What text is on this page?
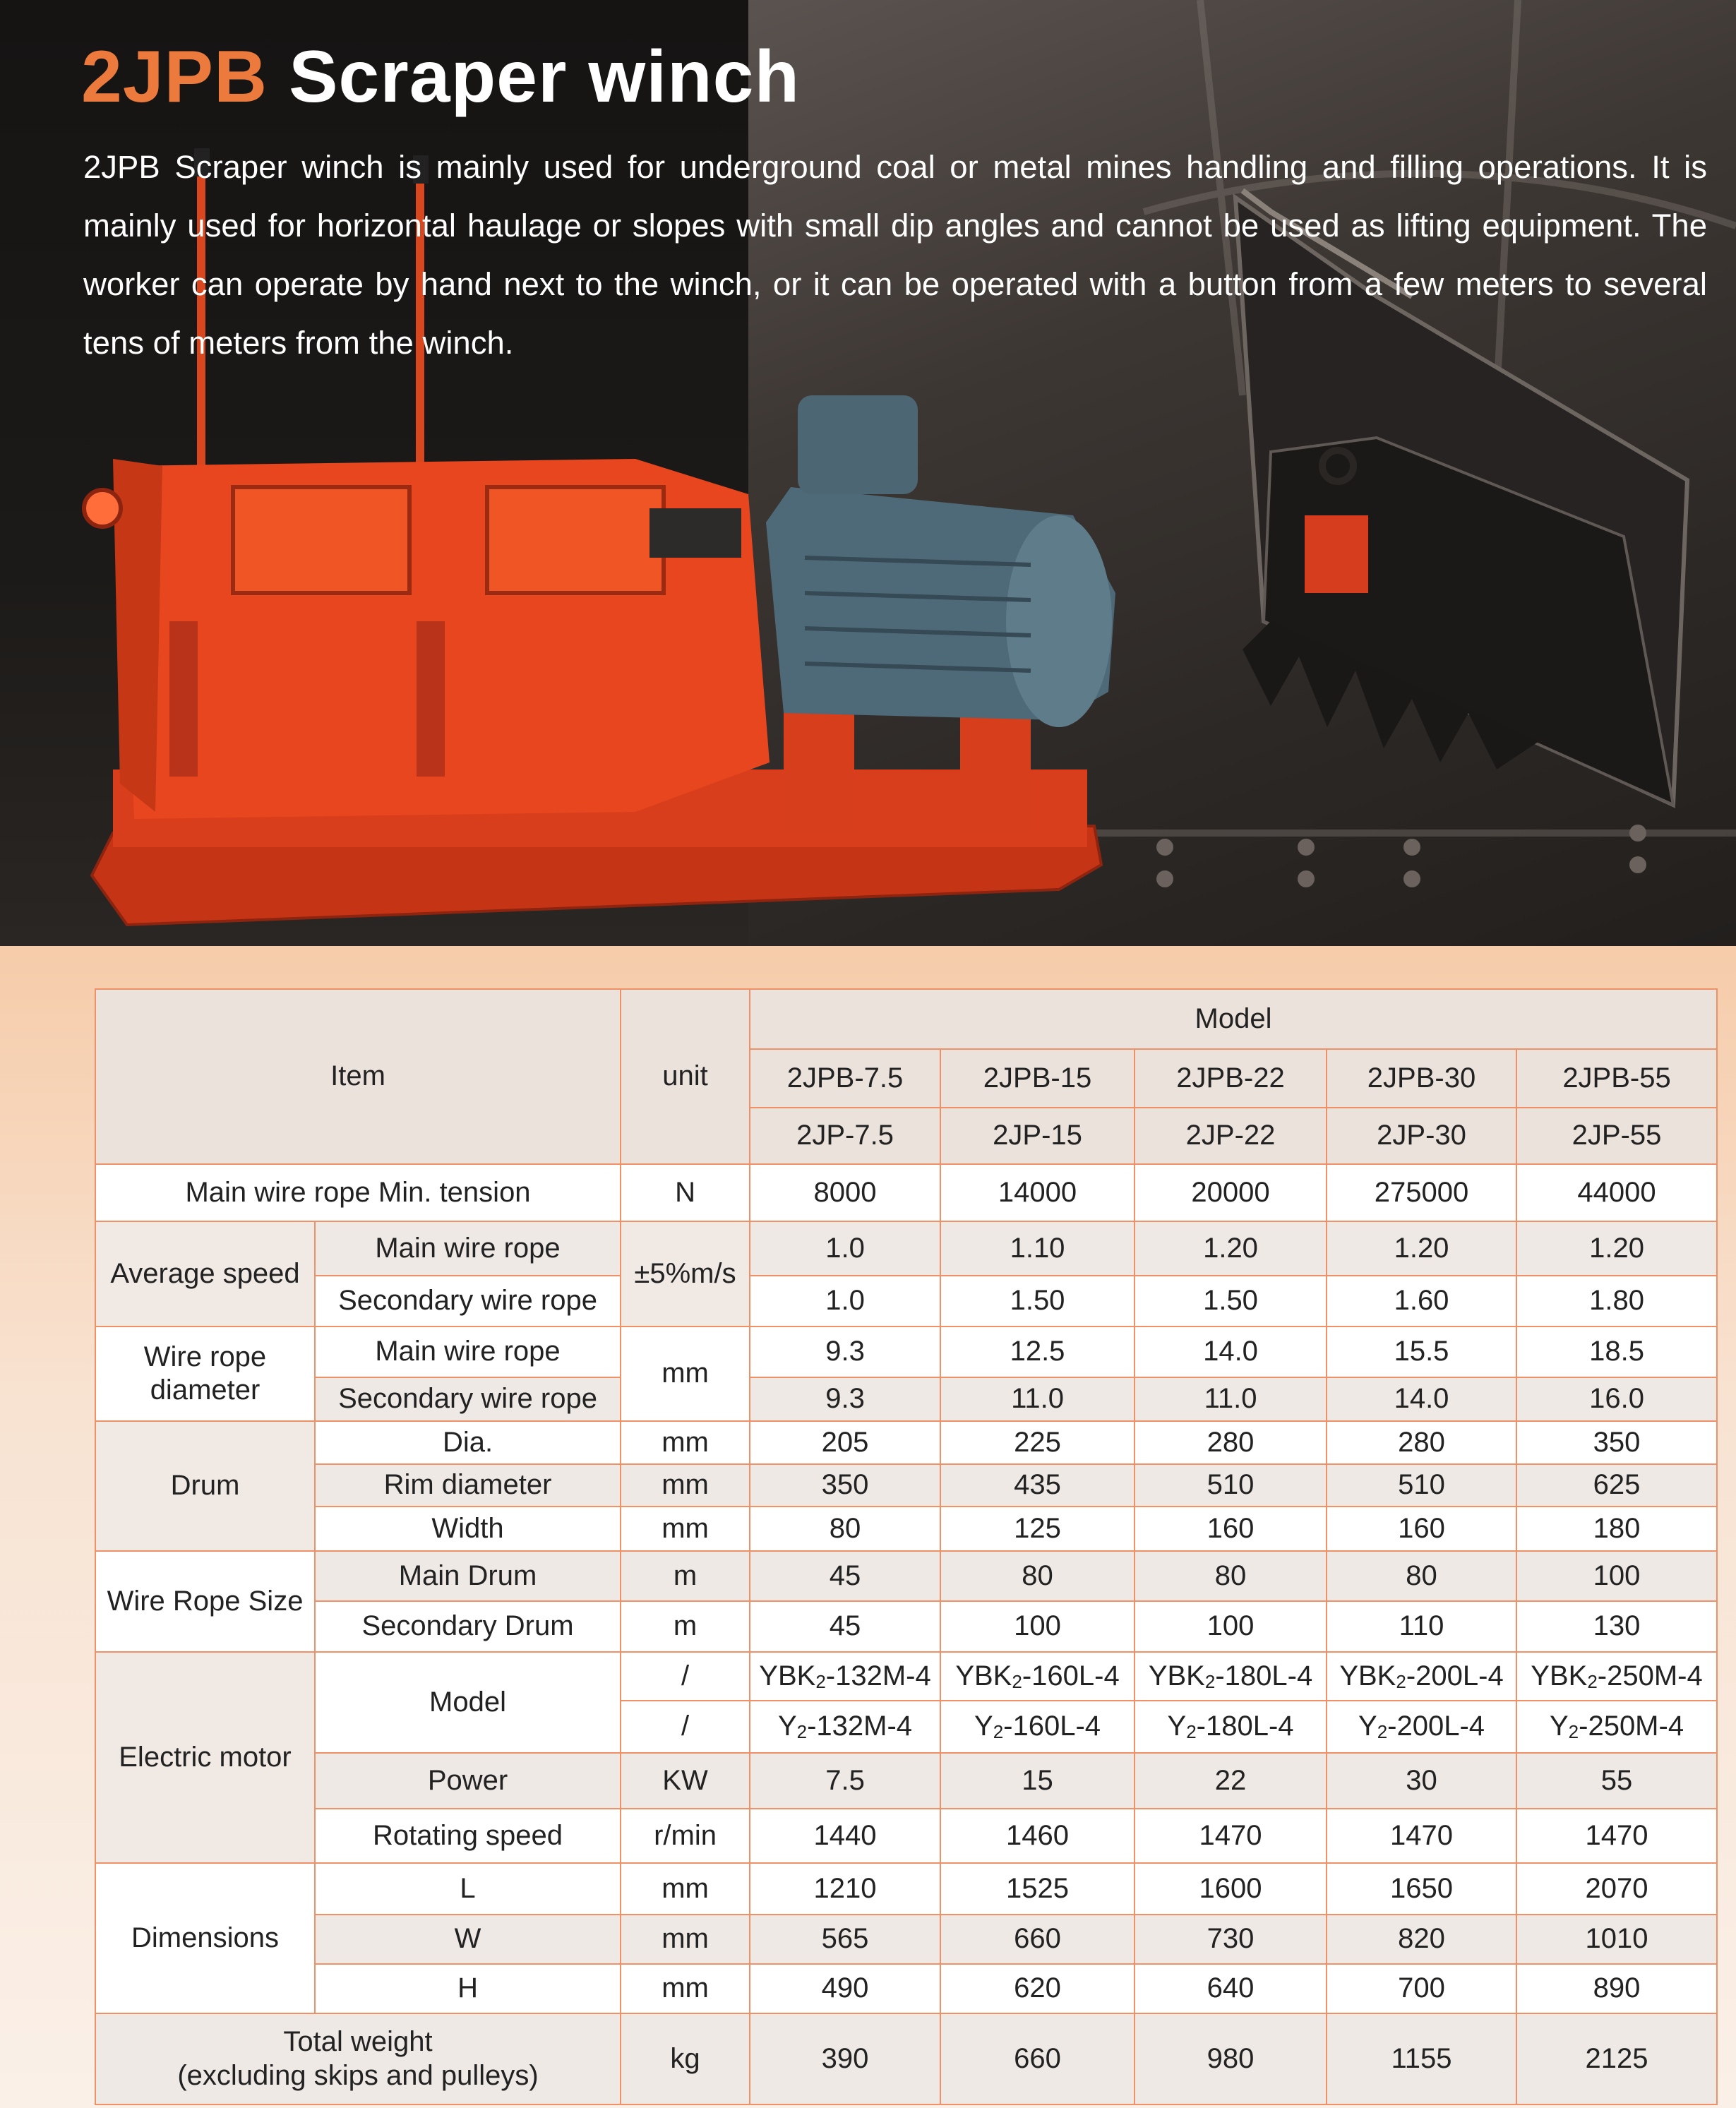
2JPB Scraper winch

2JPB Scraper winch is mainly used for underground coal or metal mines handling and filling operations. It is mainly used for horizontal haulage or slopes with small dip angles and cannot be used as lifting equipment. The worker can operate by hand next to the winch, or it can be operated with a button from a few meters to several tens of meters from the winch.

Item		unit	Model				
			2JPB-7.5	2JPB-15	2JPB-22	2JPB-30	2JPB-55
			2JP-7.5	2JP-15	2JP-22	2JP-30	2JP-55
Main wire rope Min. tension		N	8000	14000	20000	275000	44000
Average speed	Main wire rope	±5%m/s	1.0	1.10	1.20	1.20	1.20
	Secondary wire rope		1.0	1.50	1.50	1.60	1.80
Wire rope
diameter	Main wire rope	mm	9.3	12.5	14.0	15.5	18.5
	Secondary wire rope		9.3	11.0	11.0	14.0	16.0
Drum	Dia.	mm	205	225	280	280	350
	Rim diameter	mm	350	435	510	510	625
	Width	mm	80	125	160	160	180
Wire Rope Size	Main Drum	m	45	80	80	80	100
	Secondary Drum	m	45	100	100	110	130
Electric motor	Model	/	$YBK_2-132M-4$	$YBK_2-160L-4$	$YBK_2-180L-4$	$YBK_2-200L-4$	$YBK_2-250M-4$
		/	$Y_2-132M-4$	$Y_2-160L-4$	$Y_2-180L-4$	$Y_2-200L-4$	$Y_2-250M-4$
	Power	KW	7.5	15	22	30	55
	Rotating speed	r/min	1440	1460	1470	1470	1470
Dimensions	L	mm	1210	1525	1600	1650	2070
	W	mm	565	660	730	820	1010
	H	mm	490	620	640	700	890
Total weight
(excluding skips and pulleys)		kg	390	660	980	1155	2125
